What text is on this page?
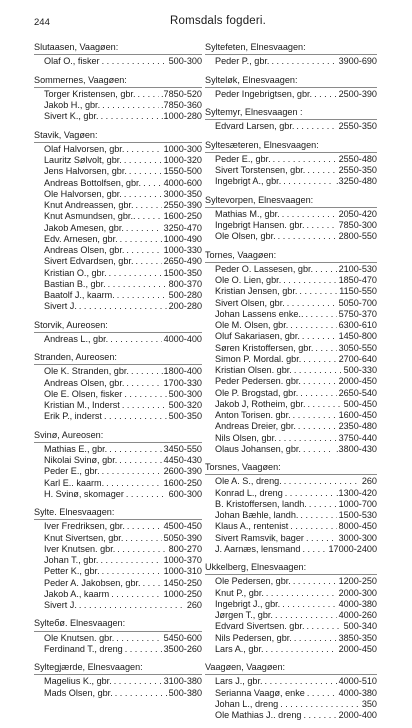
244	Romsdals fogderi.
Slutaasen, Vaagøen:
Olaf O., fisker . . .	500-300
Sommernes, Vaagøen:
Torger Kristensen, gbr. . . .	.7850-520
Jakob H., gbr. . . .	.7850-360
Sivert K., gbr. . . .	.1000-280
Stavik, Vagøen:
Olaf Halvorsen, gbr. . . .	1000-300
Lauritz Sølvolt, gbr. . . .	1000-320
Jens Halvorsen, gbr. . . .	1550-500
Andreas Bottolfsen, gbr. . . . 4000-600
Ole Halvorsen, gbr. . . .	3000-350
Knut Andreassen, gbr. . . .	2550-390
Knut Asmundsen, gbr.. . . .	1600-250
Jakob Amesen, gbr. . . .	3250-470
Edv. Arnesen, gbr. . . .	1000-490
Andreas Olsen, gbr. . . .	1000-330
Sivert Edvardsen, gbr. . . .	2650-490
Kristian O., gbr. . . .	1500-350
Bastian B., gbr. . . .	800-370
Baatolf J., kaarm. . . .	500-280
Sivert J. . . .	200-280
Storvik, Aureosen:
Andreas L., gbr. . . .	4000-400
Stranden, Aureosen:
Ole K. Stranden, gbr. . . .	.1800-400
Andreas Olsen, gbr. . . .	1700-330
Ole E. Olsen, fisker . . .	500-300
Kristian M., Inderst . . .	500-320
Erik P., inderst . . .	500-350
Svinø, Aureosen:
Mathias E., gbr. . . .	3450-550
Nikolai Svinø, gbr. . . .	4450-430
Peder E., gbr. . . .	2600-390
Karl E.. kaarm. . . .	1600-250
H. Svinø, skomager . . .	600-300
Sylte. Elnesvaagen:
Iver Fredriksen, gbr. . . .	4500-450
Knut Sivertsen, gbr. . . .	5050-390
Iver Knutsen. gbr. . . .	800-270
Johan T., gbr. . . .	1000-370
Petter K., gbr. . . .	1000-310
Peder A. Jakobsen, gbr. . . .	1450-250
Jakob A., kaarm . . .	1000-250
Sivert J. . . .	260
Sylteбø. Elnesvaagen:
Ole Knutsen. gbr. . . .	5450-600
Ferdinand T., dreng . . .	3500-260
Syltegjærde, Elnesvaagen:
Magelius K., gbr. . . .	3100-380
Mads Olsen, gbr. . . .	500-380
Syltefeten, Elnesvaagen:
Peder P., gbr. . . .	3900-690
Sylteløk, Elnesvaagen:
Peder Ingebrigtsen, gbr. . . .	2500-390
Syltemyr, Elnesvaagen :
Edvard Larsen, gbr. . . .	2550-350
Syltesæteren, Elnesvaagen:
Peder E., gbr. . . .	2550-480
Sivert Torstensen, gbr. . . .	2550-350
Ingebrigt A., gbr. . . .	.3250-480
Syltevorpen, Elnesvaagen:
Mathias M., gbr. . . .	2050-420
Ingebrigt Hansen. gbr. . . .	7850-300
Ole Olsen, gbr. . . .	2800-550
Tornes, Vaagøen:
Peder O. Lassesen, gbr. . . .	2100-530
Ole O. Lien, gbr. . . .	1850-470
Kristian Jensen, gbr. . . .	1150-550
Sivert Olsen, gbr. . . .	5050-700
Johan Lassens enke.. . . .	5750-370
Ole M. Olsen, gbr. . . .	6300-610
Oluf Sakariasen, gbr. . . .	1450-800
Søren Kristoffersen, gbr. . . .	3050-550
Simon P. Mordal. gbr. . . .	2700-640
Kristian Olsen. gbr. . . .	500-330
Peder Pedersen. gbr. . . .	2000-450
Ole P. Brogstad, gbr. . . .	2650-540
Jakob J, Rotheim, gbr. . . .	500-450
Anton Torisen. gbr. . . .	1600-450
Andreas Dreier, gbr. . . .	2350-480
Nils Olsen, gbr. . . .	3750-440
Olaus Johansen, gbr. . . .	.3800-430
Torsnes, Vaagøen:
Ole A. S., dreng. . . .	260
Konrad L., dreng . . .	.1300-420
B. Kristoffersen, landh. . . .	1000-700
Johan Bæhle, landh. . . .	1500-530
Klaus A., rentenist . . .	8000-450
Sivert Ramsvik, bager . . .	3000-300
J. Aarnæs, lensmand . . .	17000-2400
Ukkelberg, Elnesvaagen:
Ole Pedersen, gbr. . . .	1200-250
Knut P., gbr. . . .	2000-300
Ingebrigt J., gbr. . . .	4000-380
Jørgen T., gbr. . . .	4000-260
Edvard Sivertsen. gbr. . . .	500-340
Nils Pedersen, gbr. . . .	3850-350
Lars A., gbr. . . .	2000-450
Vaagøen, Vaagøen:
Lars J., gbr. . . .	4000-510
Serianna Vaagø, enke . . .	4000-380
Johan L., dreng . . .	350
Ole Mathias J.. dreng . . .	2000-400
